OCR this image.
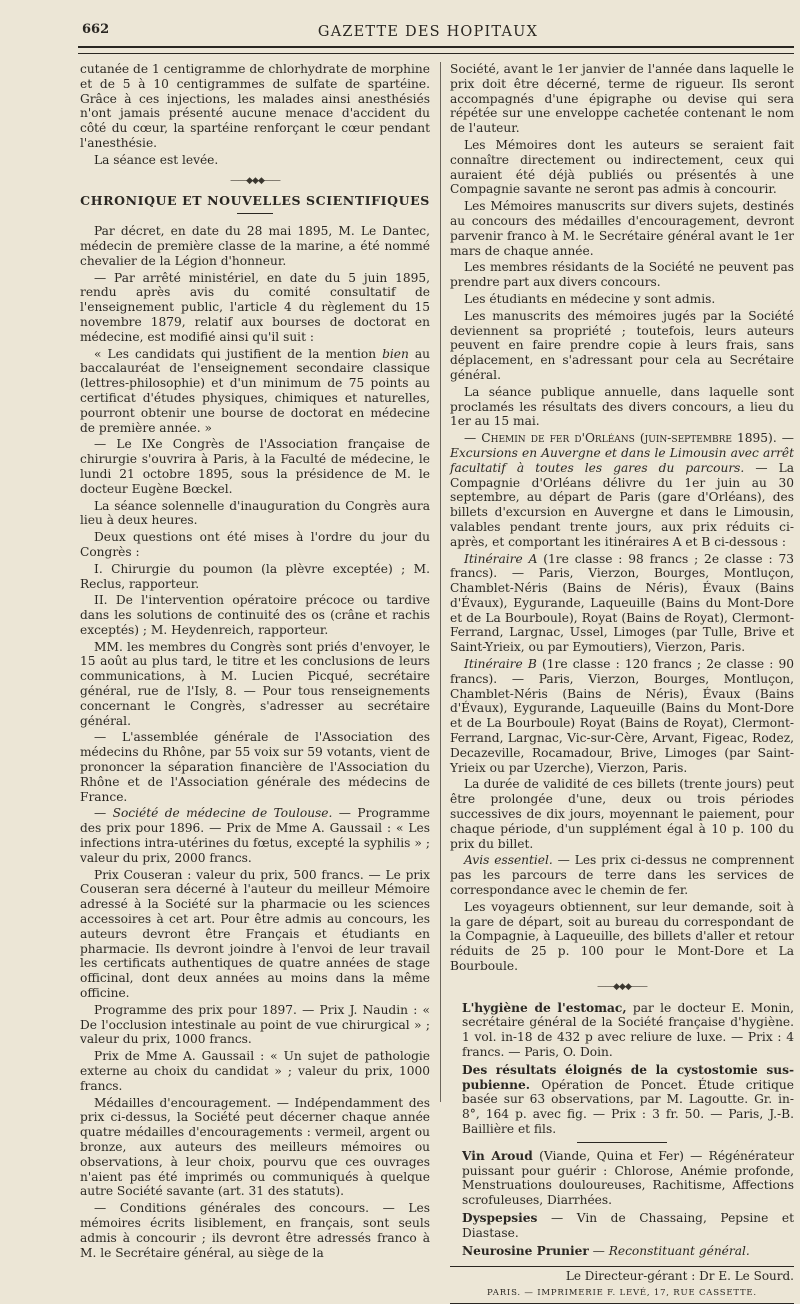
662	GAZETTE DES HOPITAUX

cutanée de 1 centigramme de chlorhydrate de morphine et de 5 à 10 centigrammes de sulfate de spartéine. Grâce à ces injections, les malades ainsi anesthésiés n'ont jamais présenté aucune menace d'accident du côté du cœur, la spartéine renforçant le cœur pendant l'anesthésie.

La séance est levée.

——◆◆◆——
CHRONIQUE ET NOUVELLES SCIENTIFIQUES

Par décret, en date du 28 mai 1895, M. Le Dantec, médecin de première classe de la marine, a été nommé chevalier de la Légion d'honneur.

— Par arrêté ministériel, en date du 5 juin 1895, rendu après avis du comité consultatif de l'enseignement public, l'article 4 du règlement du 15 novembre 1879, relatif aux bourses de doctorat en médecine, est modifié ainsi qu'il suit :

« Les candidats qui justifient de la mention bien au baccalauréat de l'enseignement secondaire classique (lettres-philosophie) et d'un minimum de 75 points au certificat d'études physiques, chimiques et naturelles, pourront obtenir une bourse de doctorat en médecine de première année. »

— Le IXe Congrès de l'Association française de chirurgie s'ouvrira à Paris, à la Faculté de médecine, le lundi 21 octobre 1895, sous la présidence de M. le docteur Eugène Bœckel.

La séance solennelle d'inauguration du Congrès aura lieu à deux heures.

Deux questions ont été mises à l'ordre du jour du Congrès :

I. Chirurgie du poumon (la plèvre exceptée) ; M. Reclus, rapporteur.

II. De l'intervention opératoire précoce ou tardive dans les solutions de continuité des os (crâne et rachis exceptés) ; M. Heydenreich, rapporteur.

MM. les membres du Congrès sont priés d'envoyer, le 15 août au plus tard, le titre et les conclusions de leurs communications, à M. Lucien Picqué, secrétaire général, rue de l'Isly, 8. — Pour tous renseignements concernant le Congrès, s'adresser au secrétaire général.

— L'assemblée générale de l'Association des médecins du Rhône, par 55 voix sur 59 votants, vient de prononcer la séparation financière de l'Association du Rhône et de l'Association générale des médecins de France.

— Société de médecine de Toulouse. — Programme des prix pour 1896. — Prix de Mme A. Gaussail : « Les infections intra-utérines du fœtus, excepté la syphilis » ; valeur du prix, 2000 francs.

Prix Couseran : valeur du prix, 500 francs. — Le prix Couseran sera décerné à l'auteur du meilleur Mémoire adressé à la Société sur la pharmacie ou les sciences accessoires à cet art. Pour être admis au concours, les auteurs devront être Français et étudiants en pharmacie. Ils devront joindre à l'envoi de leur travail les certificats authentiques de quatre années de stage officinal, dont deux années au moins dans la même officine.

Programme des prix pour 1897. — Prix J. Naudin : « De l'occlusion intestinale au point de vue chirurgical » ; valeur du prix, 1000 francs.

Prix de Mme A. Gaussail : « Un sujet de pathologie externe au choix du candidat » ; valeur du prix, 1000 francs.

Médailles d'encouragement. — Indépendamment des prix ci-dessus, la Société peut décerner chaque année quatre médailles d'encouragements : vermeil, argent ou bronze, aux auteurs des meilleurs mémoires ou observations, à leur choix, pourvu que ces ouvrages n'aient pas été imprimés ou communiqués à quelque autre Société savante (art. 31 des statuts).

— Conditions générales des concours. — Les mémoires écrits lisiblement, en français, sont seuls admis à concourir ; ils devront être adressés franco à M. le Secrétaire général, au siège de la

Société, avant le 1er janvier de l'année dans laquelle le prix doit être décerné, terme de rigueur. Ils seront accompagnés d'une épigraphe ou devise qui sera répétée sur une enveloppe cachetée contenant le nom de l'auteur.

Les Mémoires dont les auteurs se seraient fait connaître directement ou indirectement, ceux qui auraient été déjà publiés ou présentés à une Compagnie savante ne seront pas admis à concourir.

Les Mémoires manuscrits sur divers sujets, destinés au concours des médailles d'encouragement, devront parvenir franco à M. le Secrétaire général avant le 1er mars de chaque année.

Les membres résidants de la Société ne peuvent pas prendre part aux divers concours.

Les étudiants en médecine y sont admis.

Les manuscrits des mémoires jugés par la Société deviennent sa propriété ; toutefois, leurs auteurs peuvent en faire prendre copie à leurs frais, sans déplacement, en s'adressant pour cela au Secrétaire général.

La séance publique annuelle, dans laquelle sont proclamés les résultats des divers concours, a lieu du 1er au 15 mai.

— Chemin de fer d'Orléans (juin-septembre 1895). — Excursions en Auvergne et dans le Limousin avec arrêt facultatif à toutes les gares du parcours. — La Compagnie d'Orléans délivre du 1er juin au 30 septembre, au départ de Paris (gare d'Orléans), des billets d'excursion en Auvergne et dans le Limousin, valables pendant trente jours, aux prix réduits ci-après, et comportant les itinéraires A et B ci-dessous :

Itinéraire A (1re classe : 98 francs ; 2e classe : 73 francs). — Paris, Vierzon, Bourges, Montluçon, Chamblet-Néris (Bains de Néris), Évaux (Bains d'Évaux), Eygurande, Laqueuille (Bains du Mont-Dore et de La Bourboule), Royat (Bains de Royat), Clermont-Ferrand, Largnac, Ussel, Limoges (par Tulle, Brive et Saint-Yrieix, ou par Eymoutiers), Vierzon, Paris.

Itinéraire B (1re classe : 120 francs ; 2e classe : 90 francs). — Paris, Vierzon, Bourges, Montluçon, Chamblet-Néris (Bains de Néris), Évaux (Bains d'Évaux), Eygurande, Laqueuille (Bains du Mont-Dore et de La Bourboule) Royat (Bains de Royat), Clermont-Ferrand, Largnac, Vic-sur-Cère, Arvant, Figeac, Rodez, Decazeville, Rocamadour, Brive, Limoges (par Saint-Yrieix ou par Uzerche), Vierzon, Paris.

La durée de validité de ces billets (trente jours) peut être prolongée d'une, deux ou trois périodes successives de dix jours, moyennant le paiement, pour chaque période, d'un supplément égal à 10 p. 100 du prix du billet.

Avis essentiel. — Les prix ci-dessus ne comprennent pas les parcours de terre dans les services de correspondance avec le chemin de fer.

Les voyageurs obtiennent, sur leur demande, soit à la gare de départ, soit au bureau du correspondant de la Compagnie, à Laqueuille, des billets d'aller et retour réduits de 25 p. 100 pour le Mont-Dore et La Bourboule.

——◆◆◆——

L'hygiène de l'estomac, par le docteur E. Monin, secrétaire général de la Société française d'hygiène. 1 vol. in-18 de 432 p avec reliure de luxe. — Prix : 4 francs. — Paris, O. Doin.

Des résultats éloignés de la cystostomie sus-pubienne. Opération de Poncet. Étude critique basée sur 63 observations, par M. Lagoutte. Gr. in-8°, 164 p. avec fig. — Prix : 3 fr. 50. — Paris, J.-B. Baillière et fils.

Vin Aroud (Viande, Quina et Fer) — Régénérateur puissant pour guérir : Chlorose, Anémie profonde, Menstruations douloureuses, Rachitisme, Affections scrofuleuses, Diarrhées.

Dyspepsies — Vin de Chassaing, Pepsine et Diastase.

Neurosine Prunier — Reconstituant général.

Le Directeur-gérant : Dr E. Le Sourd.
PARIS. — IMPRIMERIE F. LEVÉ, 17, RUE CASSETTE.
